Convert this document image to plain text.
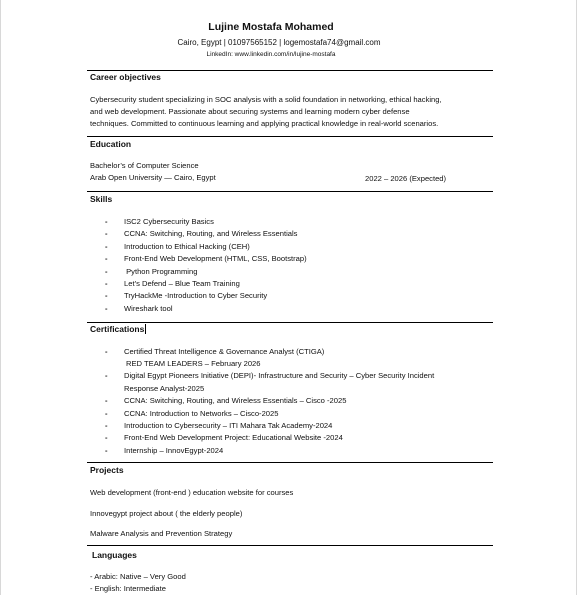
Lujine Mostafa Mohamed
Cairo, Egypt | 01097565152 | logemostafa74@gmail.com
LinkedIn: www.linkedin.com/in/lujine-mostafa
Career objectives
Cybersecurity student specializing in SOC analysis with a solid foundation in networking, ethical hacking,
and web development. Passionate about securing systems and learning modern cyber defense
techniques. Committed to continuous learning and applying practical knowledge in real-world scenarios.
Education
Bachelor’s of Computer Science
Arab Open University — Cairo, Egypt	2022 – 2026 (Expected)
Skills
- ISC2 Cybersecurity Basics
- CCNA: Switching, Routing, and Wireless Essentials
- Introduction to Ethical Hacking (CEH)
- Front-End Web Development (HTML, CSS, Bootstrap)
-  Python Programming
- Let’s Defend – Blue Team Training
- TryHackMe -Introduction to Cyber Security
- Wireshark tool
Certifications
- Certified Threat Intelligence & Governance Analyst (CTIGA)
RED TEAM LEADERS – February 2026
- Digital Egypt Pioneers Initiative (DEPI)- Infrastructure and Security – Cyber Security Incident
Response Analyst-2025
- CCNA: Switching, Routing, and Wireless Essentials – Cisco -2025
- CCNA: Introduction to Networks – Cisco-2025
- Introduction to Cybersecurity – ITI Mahara Tak Academy-2024
- Front-End Web Development Project: Educational Website -2024
- Internship – InnovEgypt-2024
Projects
Web development (front-end ) education website for courses
Innovegypt project about ( the elderly people)
Malware Analysis and Prevention Strategy
Languages
- Arabic: Native – Very Good
- English: Intermediate
